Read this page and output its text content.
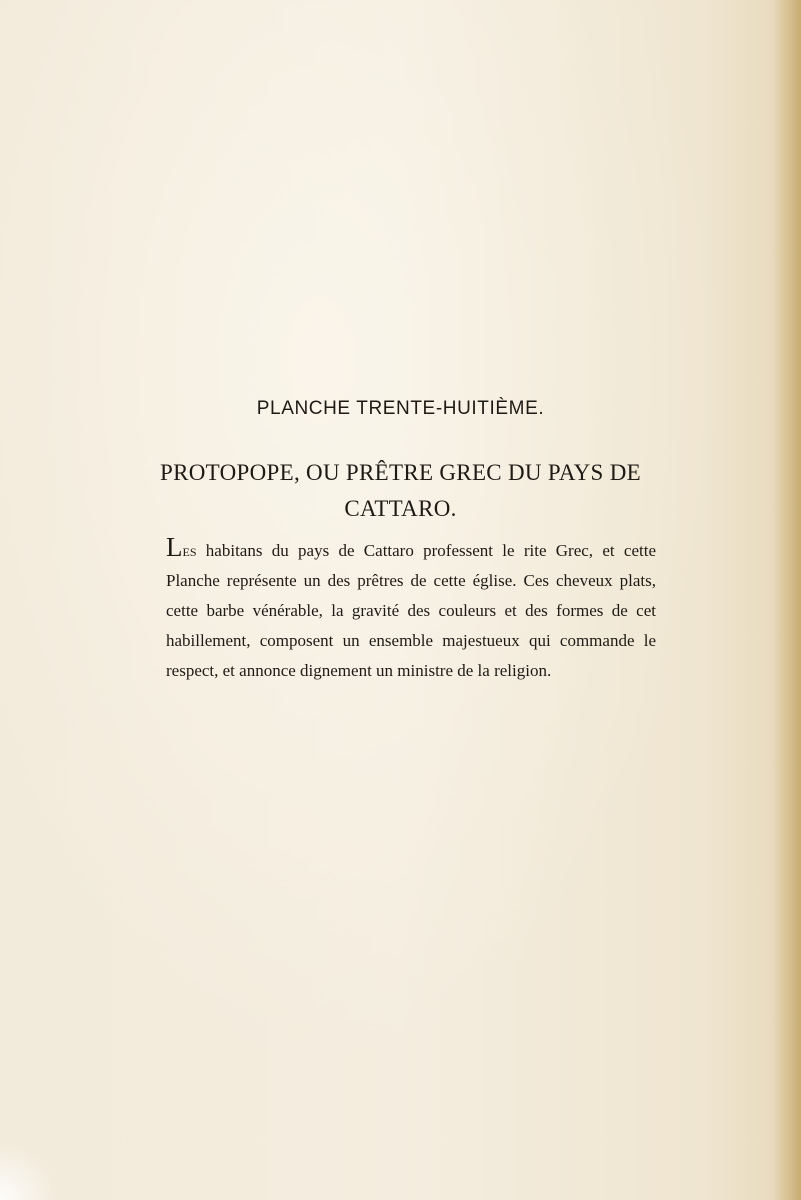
PLANCHE TRENTE-HUITIÈME.
PROTOPOPE, OU PRÊTRE GREC DU PAYS DE CATTARO.

Les habitans du pays de Cattaro professent le rite Grec, et cette Planche représente un des prêtres de cette église. Ces cheveux plats, cette barbe vénérable, la gravité des couleurs et des formes de cet habillement, composent un ensemble majestueux qui commande le respect, et annonce dignement un ministre de la religion.
